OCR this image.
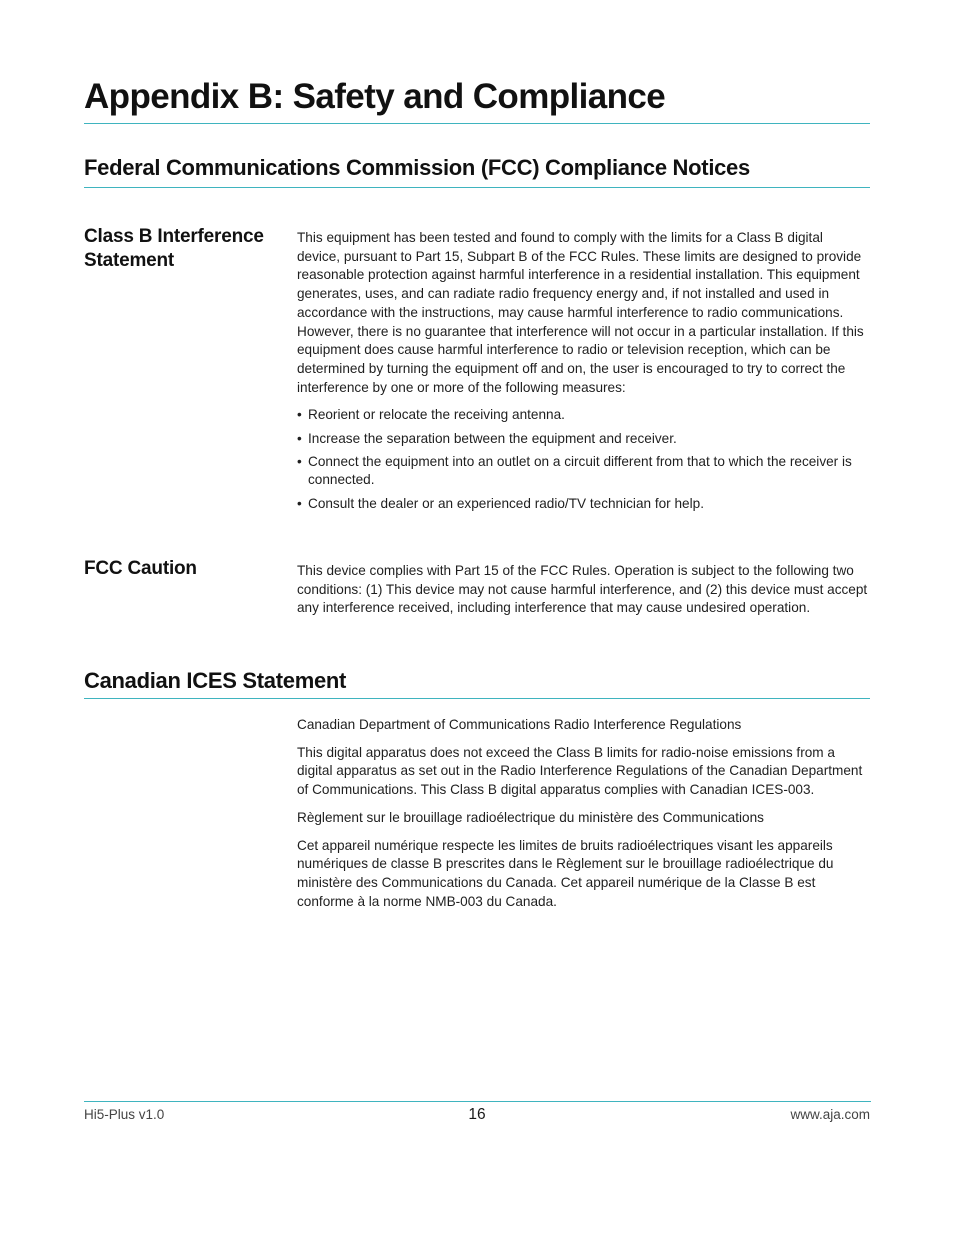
Appendix B: Safety and Compliance
Federal Communications Commission (FCC) Compliance Notices
Class B Interference Statement

This equipment has been tested and found to comply with the limits for a Class B digital device, pursuant to Part 15, Subpart B of the FCC Rules. These limits are designed to provide reasonable protection against harmful interference in a residential installation. This equipment generates, uses, and can radiate radio frequency energy and, if not installed and used in accordance with the instructions, may cause harmful interference to radio communications. However, there is no guarantee that interference will not occur in a particular installation. If this equipment does cause harmful interference to radio or television reception, which can be determined by turning the equipment off and on, the user is encouraged to try to correct the interference by one or more of the following measures:

• Reorient or relocate the receiving antenna.
• Increase the separation between the equipment and receiver.
• Connect the equipment into an outlet on a circuit different from that to which the receiver is connected.
• Consult the dealer or an experienced radio/TV technician for help.
FCC Caution	This device complies with Part 15 of the FCC Rules. Operation is subject to the following two conditions: (1) This device may not cause harmful interference, and (2) this device must accept any interference received, including interference that may cause undesired operation.

Canadian ICES Statement

Canadian Department of Communications Radio Interference Regulations

This digital apparatus does not exceed the Class B limits for radio-noise emissions from a digital apparatus as set out in the Radio Interference Regulations of the Canadian Department of Communications. This Class B digital apparatus complies with Canadian ICES-003.

Règlement sur le brouillage radioélectrique du ministère des Communications

Cet appareil numérique respecte les limites de bruits radioélectriques visant les appareils numériques de classe B prescrites dans le Règlement sur le brouillage radioélectrique du ministère des Communications du Canada. Cet appareil numérique de la Classe B est conforme à la norme NMB-003 du Canada.

Hi5-Plus v1.0	16	www.aja.com
